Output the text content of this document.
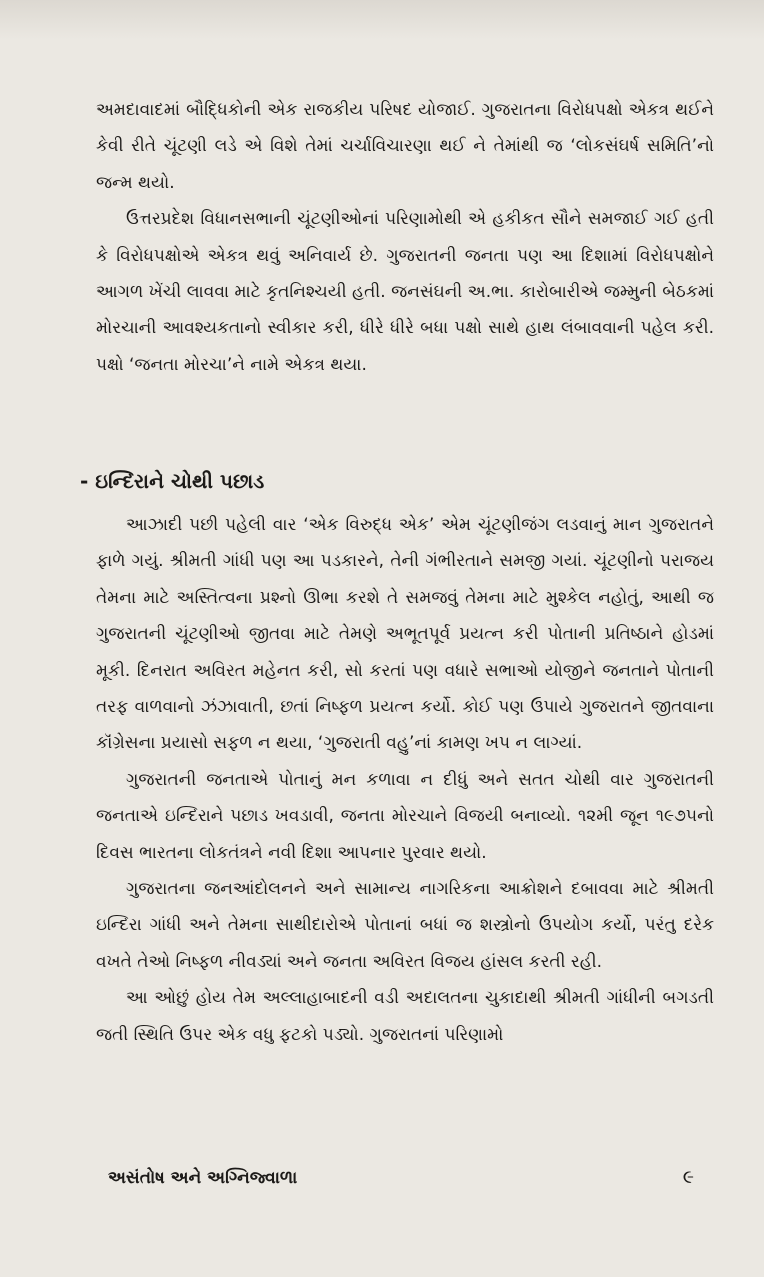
અમદાવાદમાં બૌદ્ધિકોની એક રાજકીય પરિષદ યોજાઈ. ગુજરાતના વિરોધપક્ષો એકત્ર થઈને કેવી રીતે ચૂંટણી લડે એ વિશે તેમાં ચર્ચાવિચારણા થઈ ને તેમાંથી જ ‘લોકસંઘર્ષ સમિતિ’નો જન્મ થયો.

ઉત્તરપ્રદેશ વિધાનસભાની ચૂંટણીઓનાં પરિણામોથી એ હકીકત સૌને સમજાઈ ગઈ હતી કે વિરોધપક્ષોએ એકત્ર થવું અનિવાર્ય છે. ગુજરાતની જનતા પણ આ દિશામાં વિરોધપક્ષોને આગળ ખેંચી લાવવા માટે કૃતનિશ્ચયી હતી. જનસંઘની અ.ભા. કારોબારીએ જમ્મુની બેઠકમાં મોરચાની આવશ્યકતાનો સ્વીકાર કરી, ધીરે ધીરે બધા પક્ષો સાથે હાથ લંબાવવાની પહેલ કરી. પક્ષો ‘જનતા મોરચા’ને નામે એકત્ર થયા.

- ઇન્દિરાને ચોથી પછાડ

આઝાદી પછી પહેલી વાર ‘એક વિરુદ્ધ એક’ એમ ચૂંટણીજંગ લડવાનું માન ગુજરાતને ફાળે ગયું. શ્રીમતી ગાંધી પણ આ પડકારને, તેની ગંભીરતાને સમજી ગયાં. ચૂંટણીનો પરાજય તેમના માટે અસ્તિત્વના પ્રશ્નો ઊભા કરશે તે સમજવું તેમના માટે મુશ્કેલ નહોતું, આથી જ ગુજરાતની ચૂંટણીઓ જીતવા માટે તેમણે અભૂતપૂર્વ પ્રયત્ન કરી પોતાની પ્રતિષ્ઠાને હોડમાં મૂકી. દિનરાત અવિરત મહેનત કરી, સો કરતાં પણ વધારે સભાઓ યોજીને જનતાને પોતાની તરફ વાળવાનો ઝંઝાવાતી, છતાં નિષ્ફળ પ્રયત્ન કર્યો. કોઈ પણ ઉપાયે ગુજરાતને જીતવાના કૉંગ્રેસના પ્રયાસો સફળ ન થયા, ‘ગુજરાતી વહુ’નાં કામણ ખપ ન લાગ્યાં.

ગુજરાતની જનતાએ પોતાનું મન કળાવા ન દીધું અને સતત ચોથી વાર ગુજરાતની જનતાએ ઇન્દિરાને પછાડ ખવડાવી, જનતા મોરચાને વિજયી બનાવ્યો. ૧૨મી જૂન ૧૯૭૫નો દિવસ ભારતના લોકતંત્રને નવી દિશા આપનાર પુરવાર થયો.

ગુજરાતના જનઆંદોલનને અને સામાન્ય નાગરિકના આક્રોશને દબાવવા માટે શ્રીમતી ઇન્દિરા ગાંધી અને તેમના સાથીદારોએ પોતાનાં બધાં જ શસ્ત્રોનો ઉપયોગ કર્યો, પરંતુ દરેક વખતે તેઓ નિષ્ફળ નીવડ્યાં અને જનતા અવિરત વિજય હાંસલ કરતી રહી.

આ ઓછું હોય તેમ અલ્લાહાબાદની વડી અદાલતના ચુકાદાથી શ્રીમતી ગાંધીની બગડતી જતી સ્થિતિ ઉપર એક વધુ ફટકો પડ્યો. ગુજરાતનાં પરિણામો

અસંતોષ અને અગ્નિજ્વાળા	૯
